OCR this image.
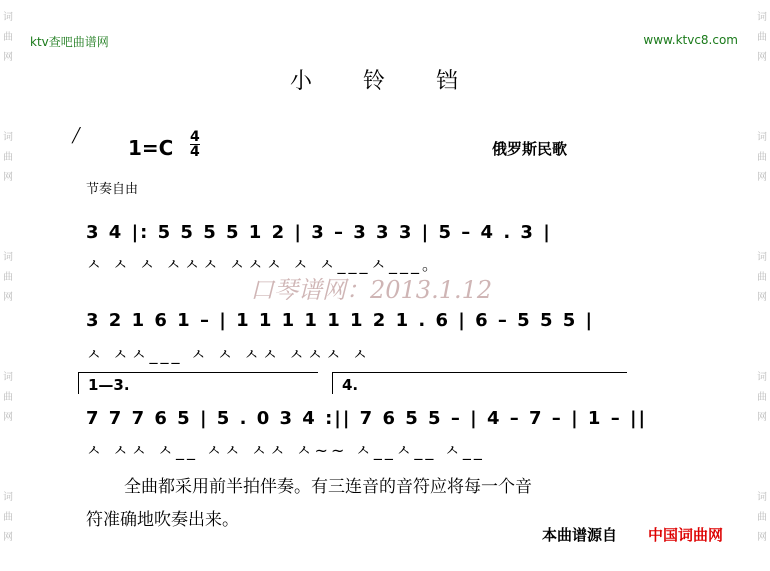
词曲网
词曲网
词曲网
词曲网
词曲网
词曲网
词曲网
词曲网
词曲网
词曲网
ktv查吧曲谱网	www.ktvc8.com
小 铃 铛
╱ 1=C 4
4	俄罗斯民歌
节奏自由
3 4 |: 5 5 5 5 1 2 | 3 – 3 3 3 | 5 – 4 . 3 |
ㅅ ㅅ ㅅ ㅅㅅㅅ ㅅㅅㅅ ㅅ ㅅ___ㅅ___。
口琴谱网：2013.1.12
3 2 1 6 1 – | 1 1 1 1 1 1 2 1 . 6 | 6 – 5 5 5 |
ㅅ ㅅㅅ___ ㅅ ㅅ ㅅㅅ ㅅㅅㅅ ㅅ
1—3.	4.
7 7 7 6 5 | 5 . 0 3 4 :|| 7 6 5 5 – | 4 – 7 – | 1 – ||
ㅅ ㅅㅅ ㅅ__ ㅅㅅ ㅅㅅ ㅅ~~ ㅅ__ㅅ__ ㅅ__
全曲都采用前半拍伴奏。有三连音的音符应将每一个音
符准确地吹奏出来。
本曲谱源自 中国词曲网
